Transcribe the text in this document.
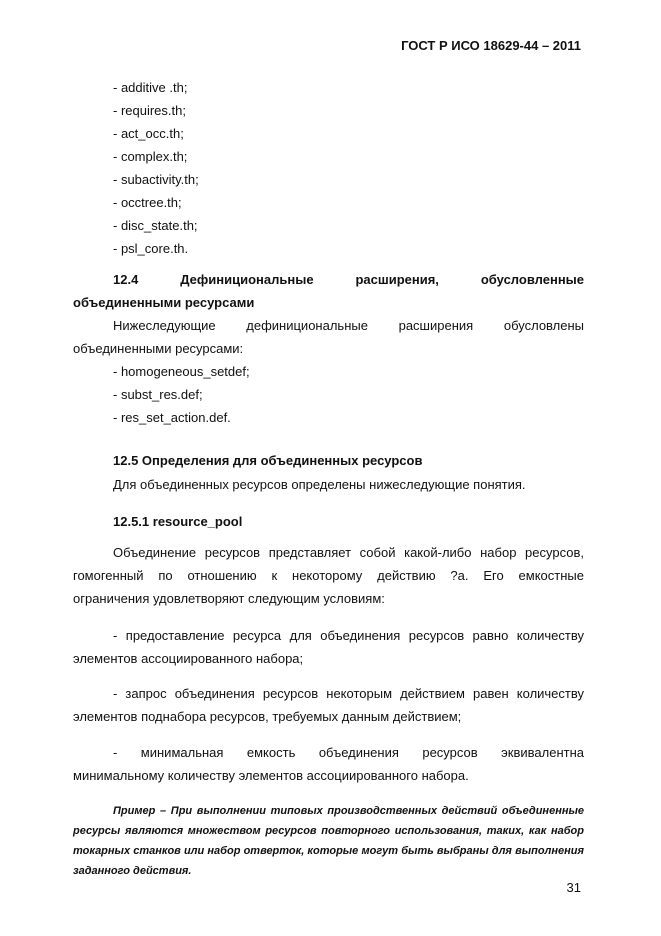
ГОСТ Р ИСО 18629-44 – 2011
- additive .th;
- requires.th;
- act_occ.th;
- complex.th;
- subactivity.th;
- occtree.th;
- disc_state.th;
- psl_core.th.
12.4 Дефинициональные расширения, обусловленные
объединенными ресурсами
Нижеследующие дефинициональные расширения обусловлены
объединенными ресурсами:
- homogeneous_setdef;
- subst_res.def;
- res_set_action.def.
12.5 Определения для объединенных ресурсов
Для объединенных ресурсов определены нижеследующие понятия.
12.5.1 resource_pool
Объединение ресурсов представляет собой какой-либо набор ресурсов,
гомогенный по отношению к некоторому действию ?a. Его емкостные
ограничения удовлетворяют следующим условиям:
- предоставление ресурса для объединения ресурсов равно количеству
элементов ассоциированного набора;
- запрос объединения ресурсов некоторым действием равен количеству
элементов поднабора ресурсов, требуемых данным действием;
- минимальная емкость объединения ресурсов эквивалентна
минимальному количеству элементов ассоциированного набора.
Пример – При выполнении типовых производственных действий объединенные ресурсы являются множеством ресурсов повторного использования, таких, как набор токарных станков или набор отверток, которые могут быть выбраны для выполнения заданного действия.
31
